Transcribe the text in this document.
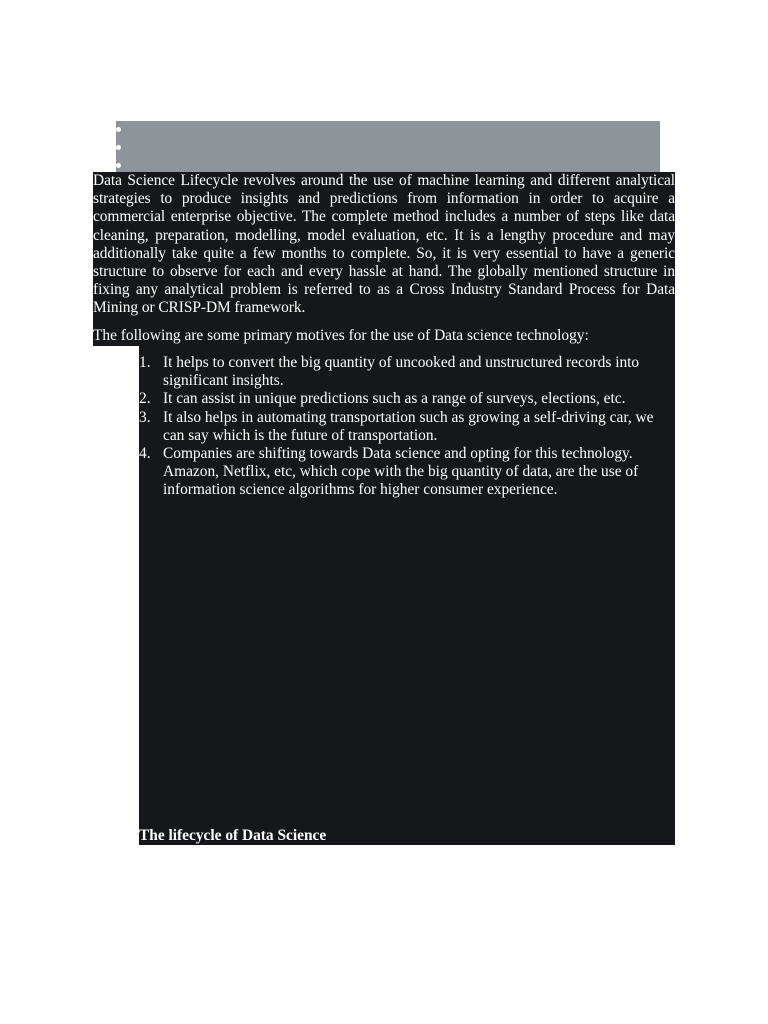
Data Science Lifecycle revolves around the use of machine learning and different analytical strategies to produce insights and predictions from information in order to acquire a commercial enterprise objective. The complete method includes a number of steps like data cleaning, preparation, modelling, model evaluation, etc. It is a lengthy procedure and may additionally take quite a few months to complete. So, it is very essential to have a generic structure to observe for each and every hassle at hand. The globally mentioned structure in fixing any analytical problem is referred to as a Cross Industry Standard Process for Data Mining or CRISP-DM framework.

The following are some primary motives for the use of Data science technology:

1. It helps to convert the big quantity of uncooked and unstructured records into significant insights.
2. It can assist in unique predictions such as a range of surveys, elections, etc.
3. It also helps in automating transportation such as growing a self-driving car, we can say which is the future of transportation.
4. Companies are shifting towards Data science and opting for this technology. Amazon, Netflix, etc, which cope with the big quantity of data, are the use of information science algorithms for higher consumer experience.
The lifecycle of Data Science
